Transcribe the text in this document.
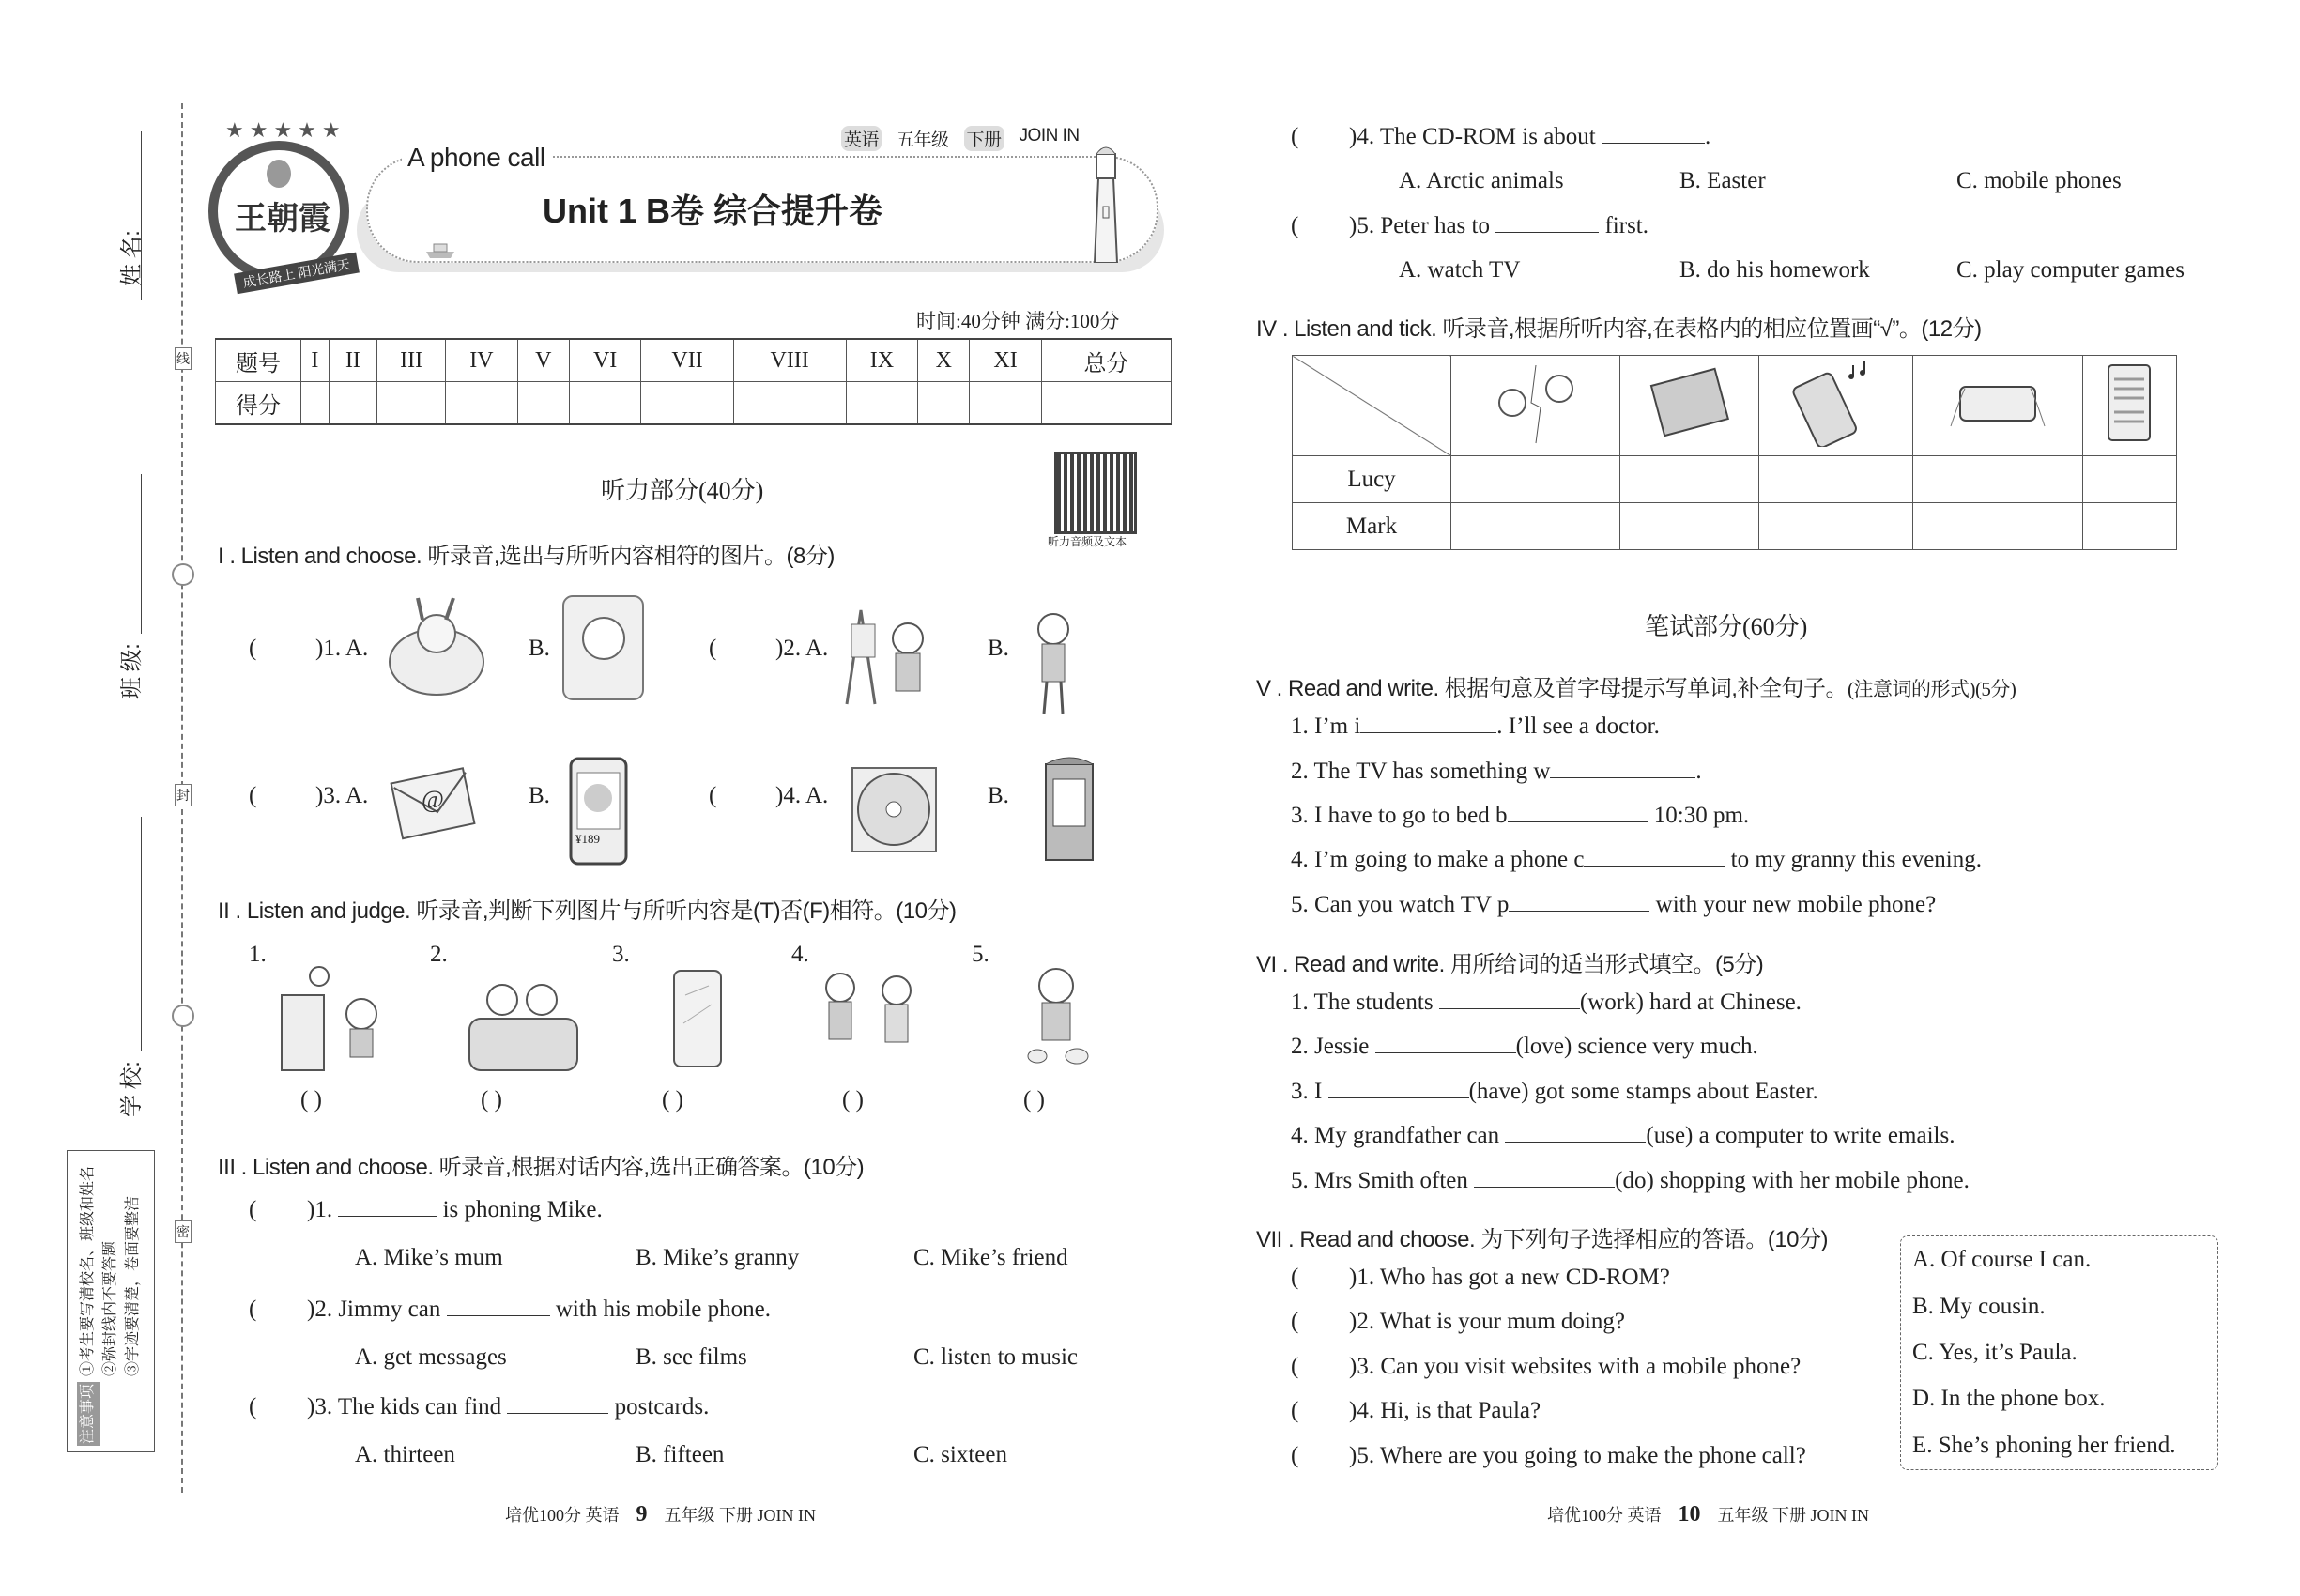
线
封
密
姓 名:
班 级:
学 校:
注意事项
①考生要写清校名、班级和姓名 ②弥封线内不要答题 ③字迹要清楚，卷面要整洁
王朝霞
★★★★★
成长路上 阳光满天
A phone call
Unit 1 B卷 综合提升卷
英语 五年级 下册 JOIN IN
时间:40分钟 满分:100分
题号	I	II	III	IV	V	VI	VII	VIII	IX	X	XI	总分
得分												
听力部分(40分)
听力音频及文本
I . Listen and choose. 听录音,选出与所听内容相符的图片。(8分)
(	)1. A.	B.	(	)2. A.	B.
(	)3. A. @	B.
¥189
(	)4. A.	B.
II . Listen and judge. 听录音,判断下列图片与所听内容是(T)否(F)相符。(10分)
1.	2.	3.	4.	5.
( )	( )	( )	( )	( )
III . Listen and choose. 听录音,根据对话内容,选出正确答案。(10分)
( )1.	is phoning Mike.
A. Mike’s mum	B. Mike’s granny	C. Mike’s friend
( )2. Jimmy can	with his mobile phone.
A. get messages	B. see films	C. listen to music
( )3. The kids can find	postcards.
A. thirteen	B. fifteen	C. sixteen
培优100分 英语 9 五年级 下册 JOIN IN
( )4. The CD-ROM is about	.
A. Arctic animals	B. Easter	C. mobile phones
( )5. Peter has to	first.
A. watch TV	B. do his homework	C. play computer games
IV . Listen and tick. 听录音,根据所听内容,在表格内的相应位置画“√”。(12分)

Lucy					
Mark					
笔试部分(60分)
V . Read and write. 根据句意及首字母提示写单词,补全句子。(注意词的形式)(5分)
1. I’m i	. I’ll see a doctor.
2. The TV has something w	.
3. I have to go to bed b	10:30 pm.
4. I’m going to make a phone c	to my granny this evening.
5. Can you watch TV p	with your new mobile phone?
VI . Read and write. 用所给词的适当形式填空。(5分)
1. The students	(work) hard at Chinese.
2. Jessie	(love) science very much.
3. I	(have) got some stamps about Easter.
4. My grandfather can	(use) a computer to write emails.
5. Mrs Smith often	(do) shopping with her mobile phone.
VII . Read and choose. 为下列句子选择相应的答语。(10分)
( )1. Who has got a new CD-ROM?
( )2. What is your mum doing?
( )3. Can you visit websites with a mobile phone?
( )4. Hi, is that Paula?
( )5. Where are you going to make the phone call?
A. Of course I can.
B. My cousin.
C. Yes, it’s Paula.
D. In the phone box.
E. She’s phoning her friend.
培优100分 英语 10 五年级 下册 JOIN IN
